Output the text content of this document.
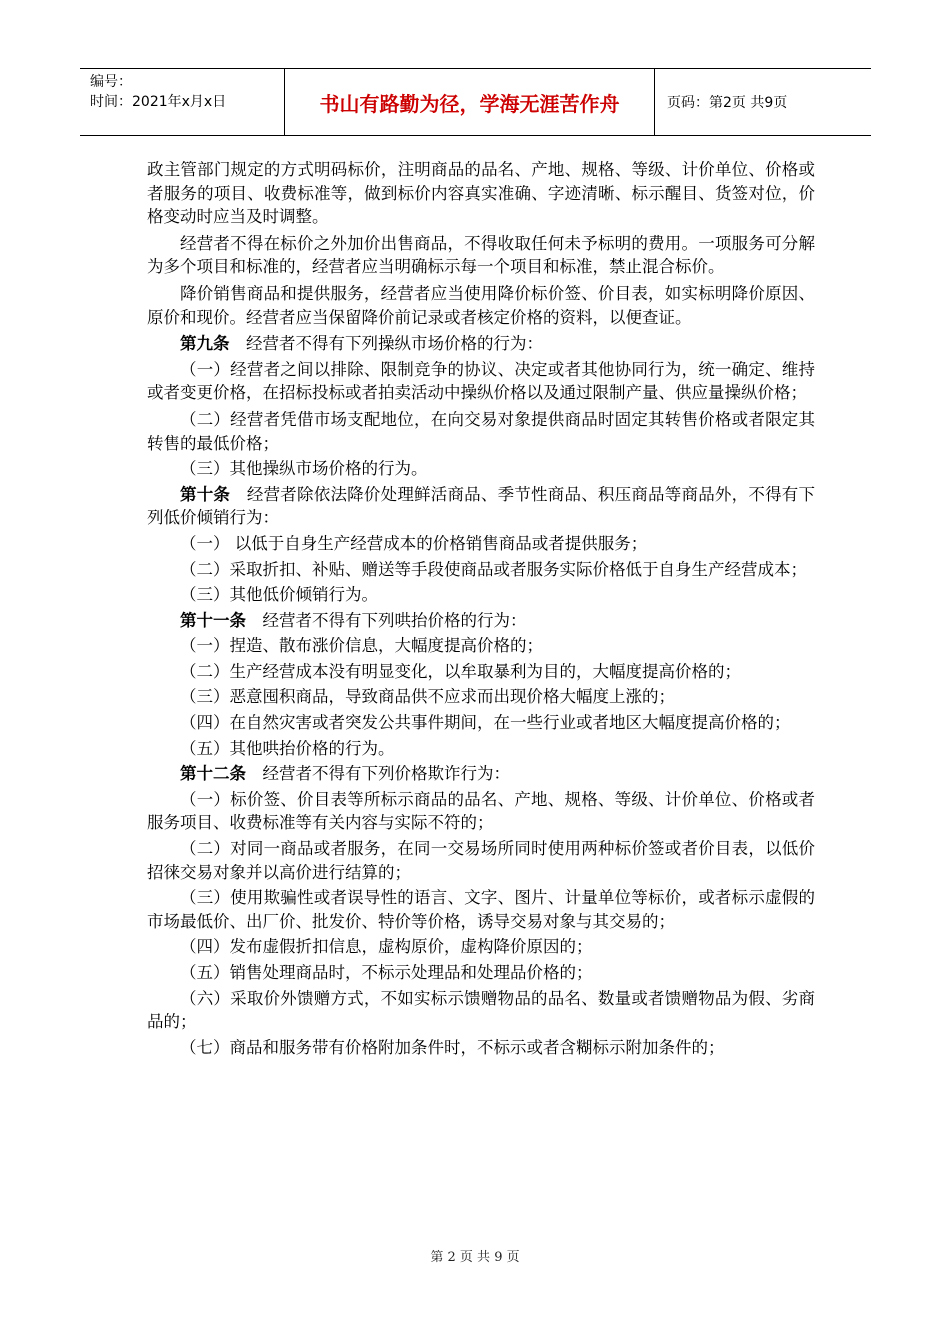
编号：
时间：2021年x月x日	书山有路勤为径，学海无涯苦作舟	页码：第2页 共9页

政主管部门规定的方式明码标价，注明商品的品名、产地、规格、等级、计价单位、价格或者服务的项目、收费标准等，做到标价内容真实准确、字迹清晰、标示醒目、货签对位，价格变动时应当及时调整。

经营者不得在标价之外加价出售商品，不得收取任何未予标明的费用。一项服务可分解为多个项目和标准的，经营者应当明确标示每一个项目和标准，禁止混合标价。

降价销售商品和提供服务，经营者应当使用降价标价签、价目表，如实标明降价原因、原价和现价。经营者应当保留降价前记录或者核定价格的资料，以便查证。

第九条　经营者不得有下列操纵市场价格的行为：

（一）经营者之间以排除、限制竞争的协议、决定或者其他协同行为，统一确定、维持或者变更价格，在招标投标或者拍卖活动中操纵价格以及通过限制产量、供应量操纵价格；

（二）经营者凭借市场支配地位，在向交易对象提供商品时固定其转售价格或者限定其转售的最低价格；

（三）其他操纵市场价格的行为。

第十条　经营者除依法降价处理鲜活商品、季节性商品、积压商品等商品外，不得有下列低价倾销行为：

（一） 以低于自身生产经营成本的价格销售商品或者提供服务；

（二）采取折扣、补贴、赠送等手段使商品或者服务实际价格低于自身生产经营成本；

（三）其他低价倾销行为。

第十一条　经营者不得有下列哄抬价格的行为：

（一）捏造、散布涨价信息，大幅度提高价格的；

（二）生产经营成本没有明显变化，以牟取暴利为目的，大幅度提高价格的；

（三）恶意囤积商品，导致商品供不应求而出现价格大幅度上涨的；

（四）在自然灾害或者突发公共事件期间，在一些行业或者地区大幅度提高价格的；

（五）其他哄抬价格的行为。

第十二条　经营者不得有下列价格欺诈行为：

（一）标价签、价目表等所标示商品的品名、产地、规格、等级、计价单位、价格或者服务项目、收费标准等有关内容与实际不符的；

（二）对同一商品或者服务，在同一交易场所同时使用两种标价签或者价目表，以低价招徕交易对象并以高价进行结算的；

（三）使用欺骗性或者误导性的语言、文字、图片、计量单位等标价，或者标示虚假的市场最低价、出厂价、批发价、特价等价格，诱导交易对象与其交易的；

（四）发布虚假折扣信息，虚构原价，虚构降价原因的；

（五）销售处理商品时，不标示处理品和处理品价格的；

（六）采取价外馈赠方式，不如实标示馈赠物品的品名、数量或者馈赠物品为假、劣商品的；

（七）商品和服务带有价格附加条件时，不标示或者含糊标示附加条件的；

第 2 页 共 9 页
